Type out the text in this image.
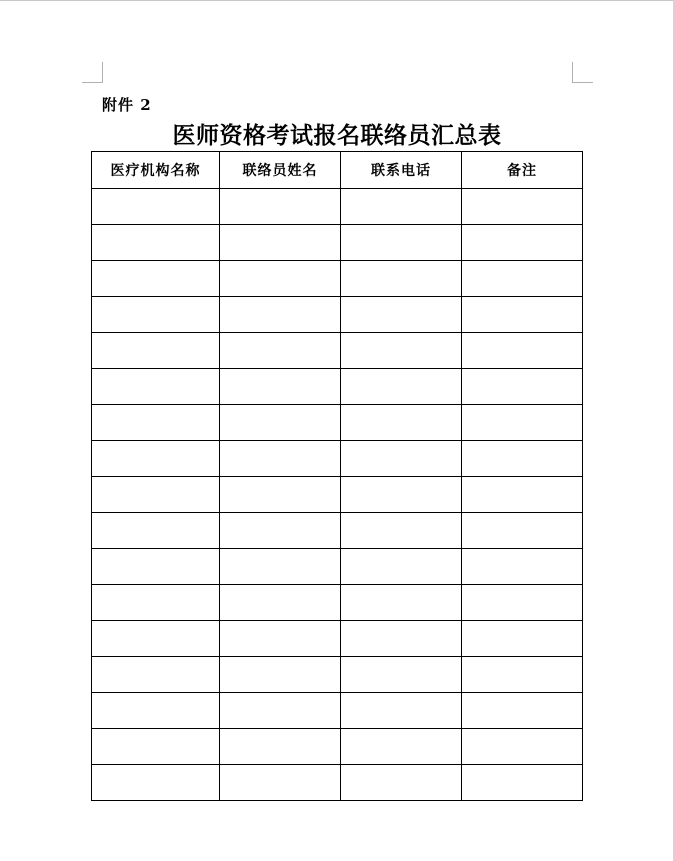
附件 2
医师资格考试报名联络员汇总表
医疗机构名称	联络员姓名	联系电话	备注
